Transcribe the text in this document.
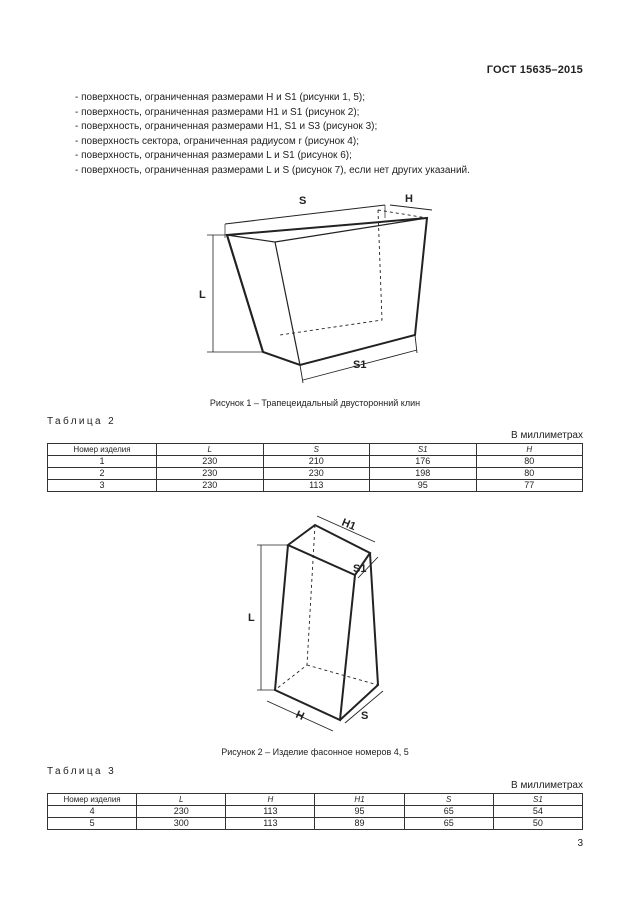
ГОСТ 15635–2015
- поверхность, ограниченная размерами H и S1 (рисунки 1, 5);
- поверхность, ограниченная размерами H1 и S1 (рисунок 2);
- поверхность, ограниченная размерами H1, S1 и S3 (рисунок 3);
- поверхность сектора, ограниченная радиусом r (рисунок 4);
- поверхность, ограниченная размерами L и S1 (рисунок 6);
- поверхность, ограниченная размерами L и S (рисунок 7), если нет других указаний.
S	H
L
S1
Рисунок 1 – Трапецеидальный двусторонний клин
Таблица 2
В миллиметрах
Номер изделия	L	S	S1	H
1	230	210	176	80
2	230	230	198	80
3	230	113	95	77
H1
S1
L
H	S
Рисунок 2 – Изделие фасонное номеров 4, 5
Таблица 3
В миллиметрах
Номер изделия	L	H	H1	S	S1
4	230	113	95	65	54
5	300	113	89	65	50
3
